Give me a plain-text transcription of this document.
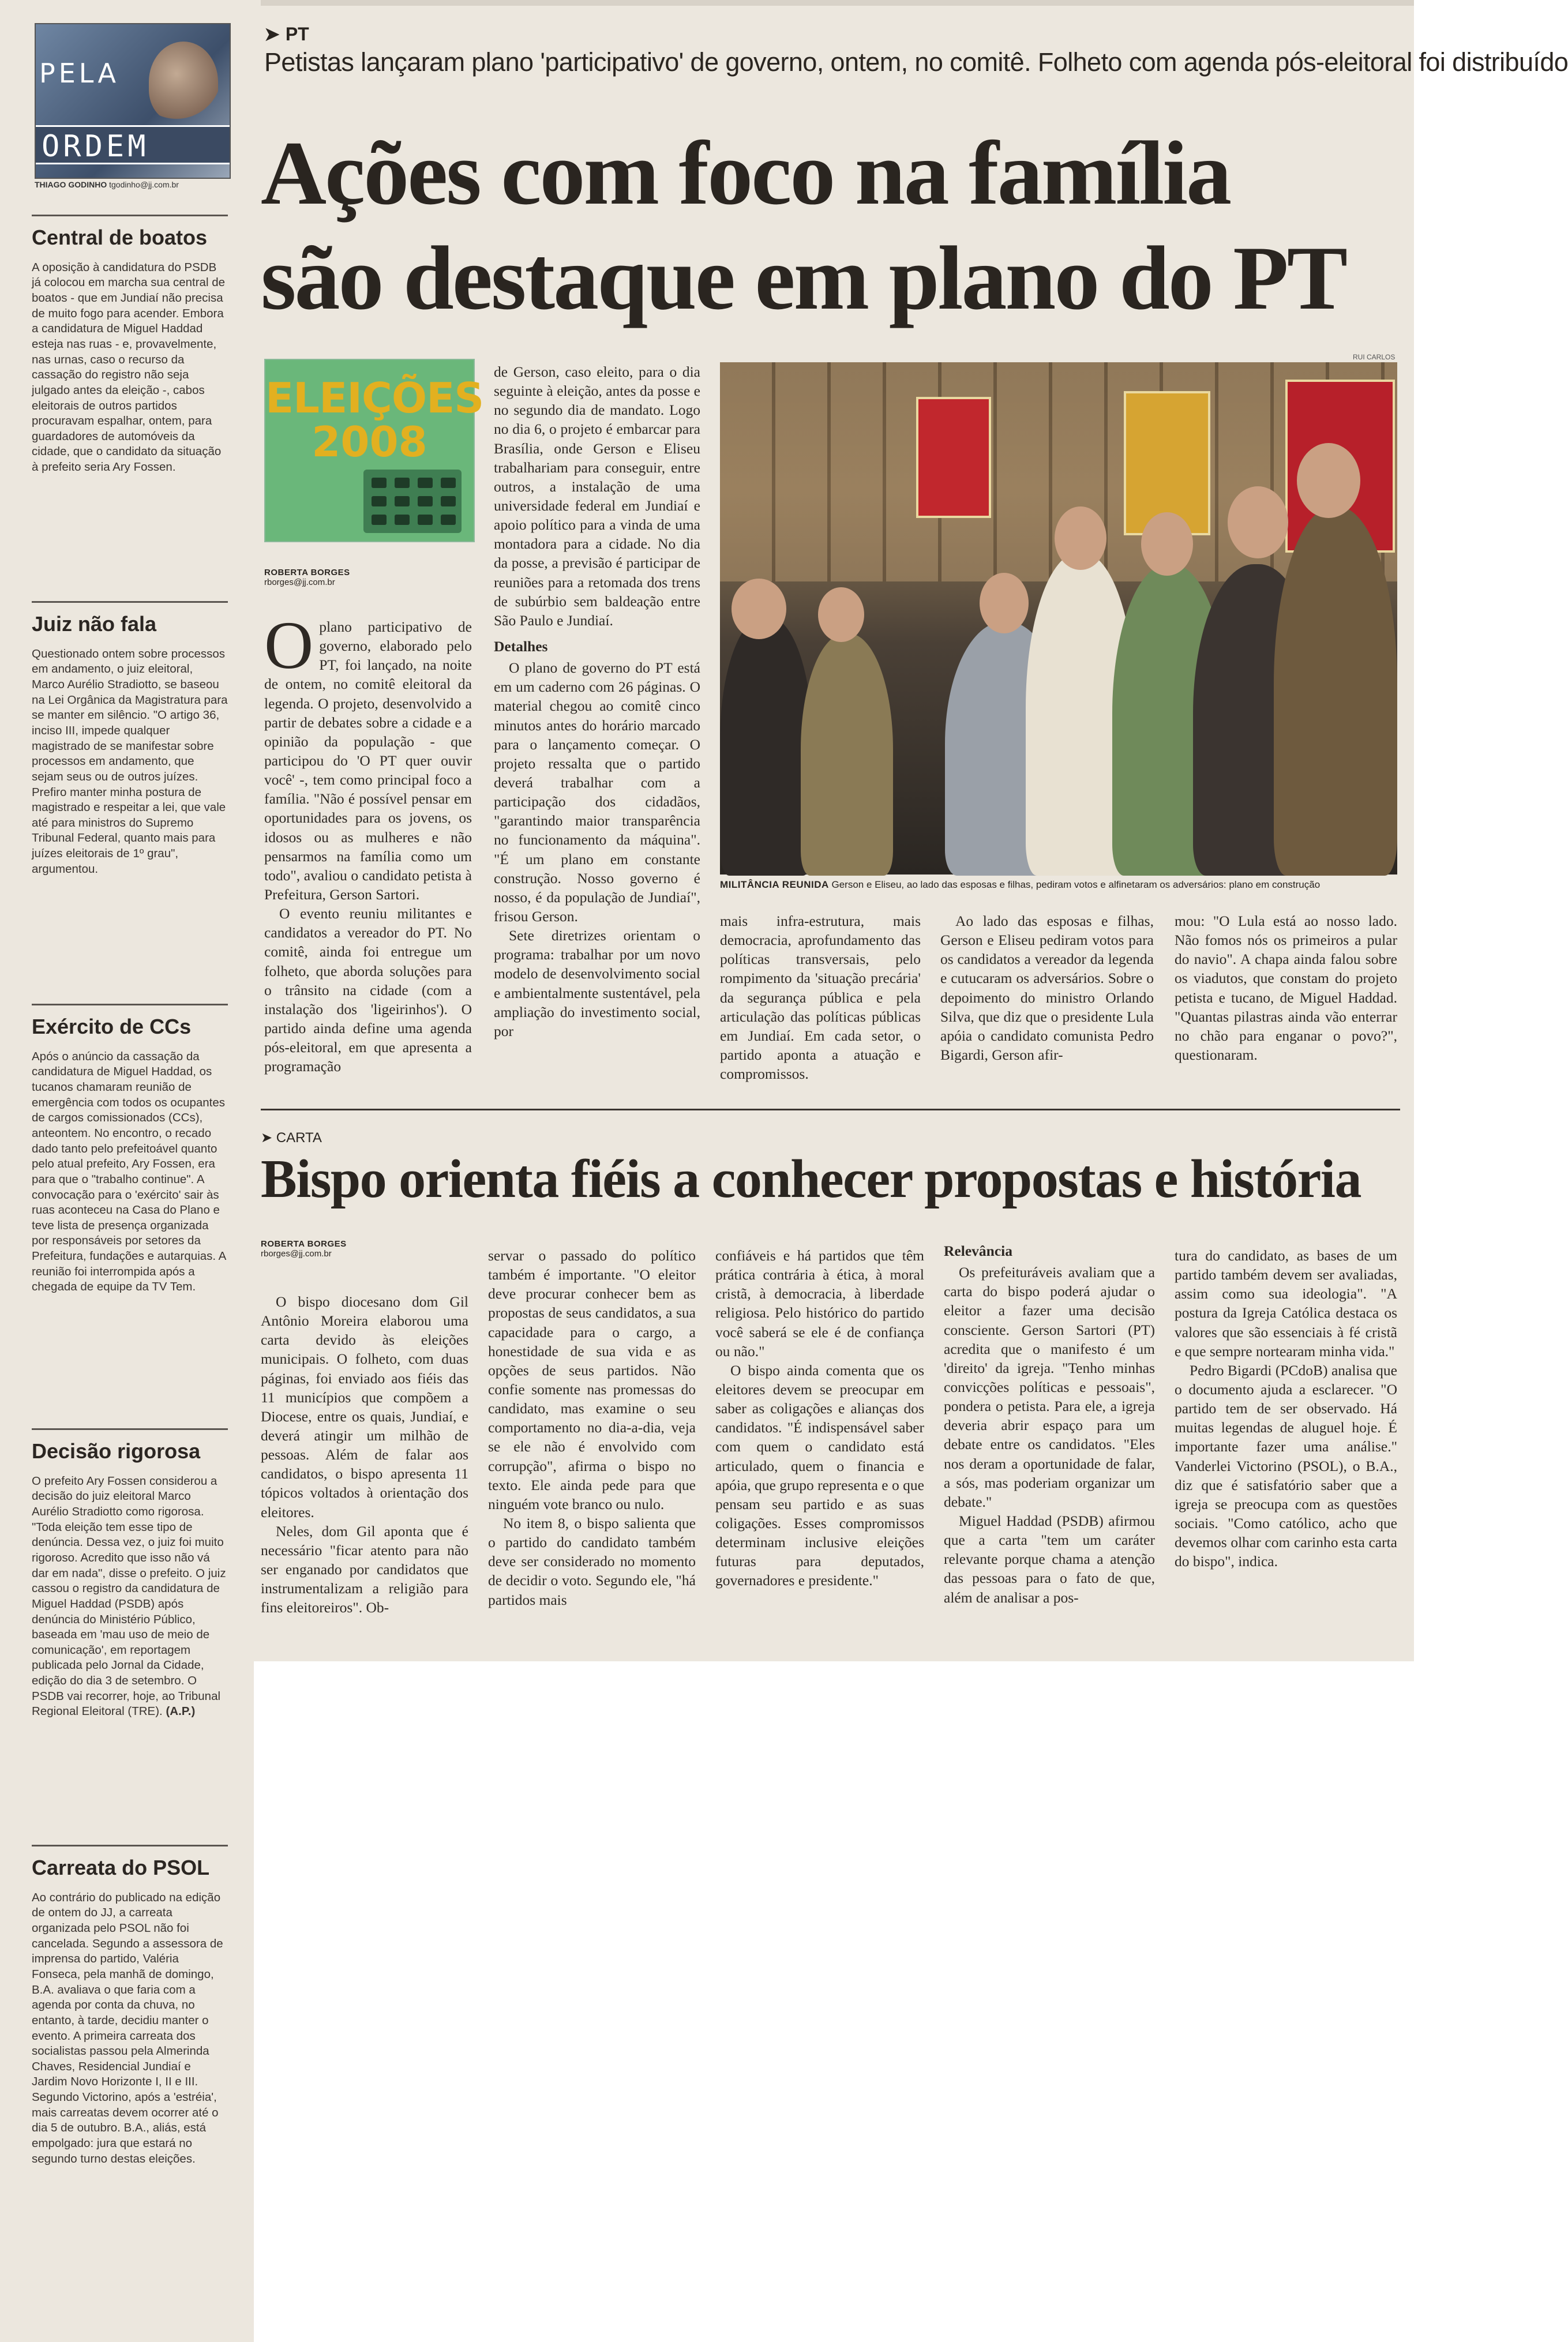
PELA
ORDEM
THIAGO GODINHO tgodinho@jj.com.br
Central de boatos

A oposição à candidatura do PSDB já colocou em marcha sua central de boatos - que em Jundiaí não precisa de muito fogo para acender. Embora a candidatura de Miguel Haddad esteja nas ruas - e, provavelmente, nas urnas, caso o recurso da cassação do registro não seja julgado antes da eleição -, cabos eleitorais de outros partidos procuravam espalhar, ontem, para guardadores de automóveis da cidade, que o candidato da situação à prefeito seria Ary Fossen.

Juiz não fala

Questionado ontem sobre processos em andamento, o juiz eleitoral, Marco Aurélio Stradiotto, se baseou na Lei Orgânica da Magistratura para se manter em silêncio. "O artigo 36, inciso III, impede qualquer magistrado de se manifestar sobre processos em andamento, que sejam seus ou de outros juízes. Prefiro manter minha postura de magistrado e respeitar a lei, que vale até para ministros do Supremo Tribunal Federal, quanto mais para juízes eleitorais de 1º grau", argumentou.

Exército de CCs

Após o anúncio da cassação da candidatura de Miguel Haddad, os tucanos chamaram reunião de emergência com todos os ocupantes de cargos comissionados (CCs), anteontem. No encontro, o recado dado tanto pelo prefeitoável quanto pelo atual prefeito, Ary Fossen, era para que o "trabalho continue". A convocação para o 'exército' sair às ruas aconteceu na Casa do Plano e teve lista de presença organizada por responsáveis por setores da Prefeitura, fundações e autarquias. A reunião foi interrompida após a chegada de equipe da TV Tem.

Decisão rigorosa

O prefeito Ary Fossen considerou a decisão do juiz eleitoral Marco Aurélio Stradiotto como rigorosa. "Toda eleição tem esse tipo de denúncia. Dessa vez, o juiz foi muito rigoroso. Acredito que isso não vá dar em nada", disse o prefeito. O juiz cassou o registro da candidatura de Miguel Haddad (PSDB) após denúncia do Ministério Público, baseada em 'mau uso de meio de comunicação', em reportagem publicada pelo Jornal da Cidade, edição do dia 3 de setembro. O PSDB vai recorrer, hoje, ao Tribunal Regional Eleitoral (TRE). (A.P.)

Carreata do PSOL

Ao contrário do publicado na edição de ontem do JJ, a carreata organizada pelo PSOL não foi cancelada. Segundo a assessora de imprensa do partido, Valéria Fonseca, pela manhã de domingo, B.A. avaliava o que faria com a agenda por conta da chuva, no entanto, à tarde, decidiu manter o evento. A primeira carreata dos socialistas passou pela Almerinda Chaves, Residencial Jundiaí e Jardim Novo Horizonte I, II e III. Segundo Victorino, após a 'estréia', mais carreatas devem ocorrer até o dia 5 de outubro. B.A., aliás, está empolgado: jura que estará no segundo turno destas eleições.

➤ PT
Petistas lançaram plano 'participativo' de governo, ontem, no comitê. Folheto com agenda pós-eleitoral foi distribuído
Ações com foco na família
são destaque em plano do PT
ELEIÇÕES
2008
ROBERTA BORGES
rborges@jj.com.br
O plano participativo de governo, elaborado pelo PT, foi lançado, na noite de ontem, no comitê eleitoral da legenda. O projeto, desenvolvido a partir de debates sobre a cidade e a opinião da população - que participou do 'O PT quer ouvir você' -, tem como principal foco a família. "Não é possível pensar em oportunidades para os jovens, os idosos ou as mulheres e não pensarmos na família como um todo", avaliou o candidato petista à Prefeitura, Gerson Sartori.

O evento reuniu militantes e candidatos a vereador do PT. No comitê, ainda foi entregue um folheto, que aborda soluções para o trânsito na cidade (com a instalação dos 'ligeirinhos'). O partido ainda define uma agenda pós-eleitoral, em que apresenta a programação

de Gerson, caso eleito, para o dia seguinte à eleição, antes da posse e no segundo dia de mandato. Logo no dia 6, o projeto é embarcar para Brasília, onde Gerson e Eliseu trabalhariam para conseguir, entre outros, a instalação de uma universidade federal em Jundiaí e apoio político para a vinda de uma montadora para a cidade. No dia da posse, a previsão é participar de reuniões para a retomada dos trens de subúrbio sem baldeação entre São Paulo e Jundiaí.

Detalhes

O plano de governo do PT está em um caderno com 26 páginas. O material chegou ao comitê cinco minutos antes do horário marcado para o lançamento começar. O projeto ressalta que o partido deverá trabalhar com a participação dos cidadãos, "garantindo maior transparência no funcionamento da máquina". "É um plano em constante construção. Nosso governo é nosso, é da população de Jundiaí", frisou Gerson.

Sete diretrizes orientam o programa: trabalhar por um novo modelo de desenvolvimento social e ambientalmente sustentável, pela ampliação do investimento social, por

RUI CARLOS
MILITÂNCIA REUNIDA Gerson e Eliseu, ao lado das esposas e filhas, pediram votos e alfinetaram os adversários: plano em construção

mais infra-estrutura, mais democracia, aprofundamento das políticas transversais, pelo rompimento da 'situação precária' da segurança pública e pela articulação das políticas públicas em Jundiaí. Em cada setor, o partido aponta a atuação e compromissos.

Ao lado das esposas e filhas, Gerson e Eliseu pediram votos para os candidatos a vereador da legenda e cutucaram os adversários. Sobre o depoimento do ministro Orlando Silva, que diz que o presidente Lula apóia o candidato comunista Pedro Bigardi, Gerson afir-

mou: "O Lula está ao nosso lado. Não fomos nós os primeiros a pular do navio". A chapa ainda falou sobre os viadutos, que constam do projeto petista e tucano, de Miguel Haddad. "Quantas pilastras ainda vão enterrar no chão para enganar o povo?", questionaram.

➤ CARTA
Bispo orienta fiéis a conhecer propostas e história
ROBERTA BORGES
rborges@jj.com.br

O bispo diocesano dom Gil Antônio Moreira elaborou uma carta devido às eleições municipais. O folheto, com duas páginas, foi enviado aos fiéis das 11 municípios que compõem a Diocese, entre os quais, Jundiaí, e deverá atingir um milhão de pessoas. Além de falar aos candidatos, o bispo apresenta 11 tópicos voltados à orientação dos eleitores.

Neles, dom Gil aponta que é necessário "ficar atento para não ser enganado por candidatos que instrumentalizam a religião para fins eleitoreiros". Ob-

servar o passado do político também é importante. "O eleitor deve procurar conhecer bem as propostas de seus candidatos, a sua capacidade para o cargo, a honestidade de sua vida e as opções de seus partidos. Não confie somente nas promessas do candidato, mas examine o seu comportamento no dia-a-dia, veja se ele não é envolvido com corrupção", afirma o bispo no texto. Ele ainda pede para que ninguém vote branco ou nulo.

No item 8, o bispo salienta que o partido do candidato também deve ser considerado no momento de decidir o voto. Segundo ele, "há partidos mais

confiáveis e há partidos que têm prática contrária à ética, à moral cristã, à democracia, à liberdade religiosa. Pelo histórico do partido você saberá se ele é de confiança ou não."

O bispo ainda comenta que os eleitores devem se preocupar em saber as coligações e alianças dos candidatos. "É indispensável saber com quem o candidato está articulado, quem o financia e apóia, que grupo representa e o que pensam seu partido e as suas coligações. Esses compromissos determinam inclusive eleições futuras para deputados, governadores e presidente."

Relevância

Os prefeituráveis avaliam que a carta do bispo poderá ajudar o eleitor a fazer uma decisão consciente. Gerson Sartori (PT) acredita que o manifesto é um 'direito' da igreja. "Tenho minhas convicções políticas e pessoais", pondera o petista. Para ele, a igreja deveria abrir espaço para um debate entre os candidatos. "Eles nos deram a oportunidade de falar, a sós, mas poderiam organizar um debate."

Miguel Haddad (PSDB) afirmou que a carta "tem um caráter relevante porque chama a atenção das pessoas para o fato de que, além de analisar a pos-

tura do candidato, as bases de um partido também devem ser avaliadas, assim como sua ideologia". "A postura da Igreja Católica destaca os valores que são essenciais à fé cristã e que sempre nortearam minha vida."

Pedro Bigardi (PCdoB) analisa que o documento ajuda a esclarecer. "O partido tem de ser observado. Há muitas legendas de aluguel hoje. É importante fazer uma análise." Vanderlei Victorino (PSOL), o B.A., diz que é satisfatório saber que a igreja se preocupa com as questões sociais. "Como católico, acho que devemos olhar com carinho esta carta do bispo", indica.
